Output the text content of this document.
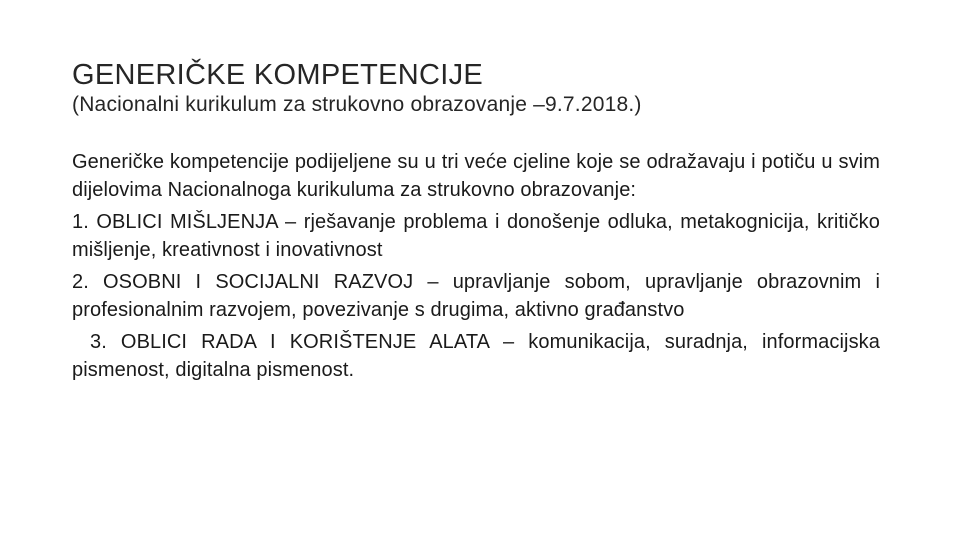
GENERIČKE KOMPETENCIJE

(Nacionalni kurikulum za strukovno obrazovanje –9.7.2018.)

Generičke kompetencije podijeljene su u tri veće cjeline koje se odražavaju i potiču u svim dijelovima Nacionalnoga kurikuluma za strukovno obrazovanje:

1. OBLICI MIŠLJENJA – rješavanje problema i donošenje odluka, metakognicija, kritičko mišljenje, kreativnost i inovativnost

2. OSOBNI I SOCIJALNI RAZVOJ – upravljanje sobom, upravljanje obrazovnim i profesionalnim razvojem, povezivanje s drugima, aktivno građanstvo

3. OBLICI RADA I KORIŠTENJE ALATA – komunikacija, suradnja, informacijska pismenost, digitalna pismenost.
